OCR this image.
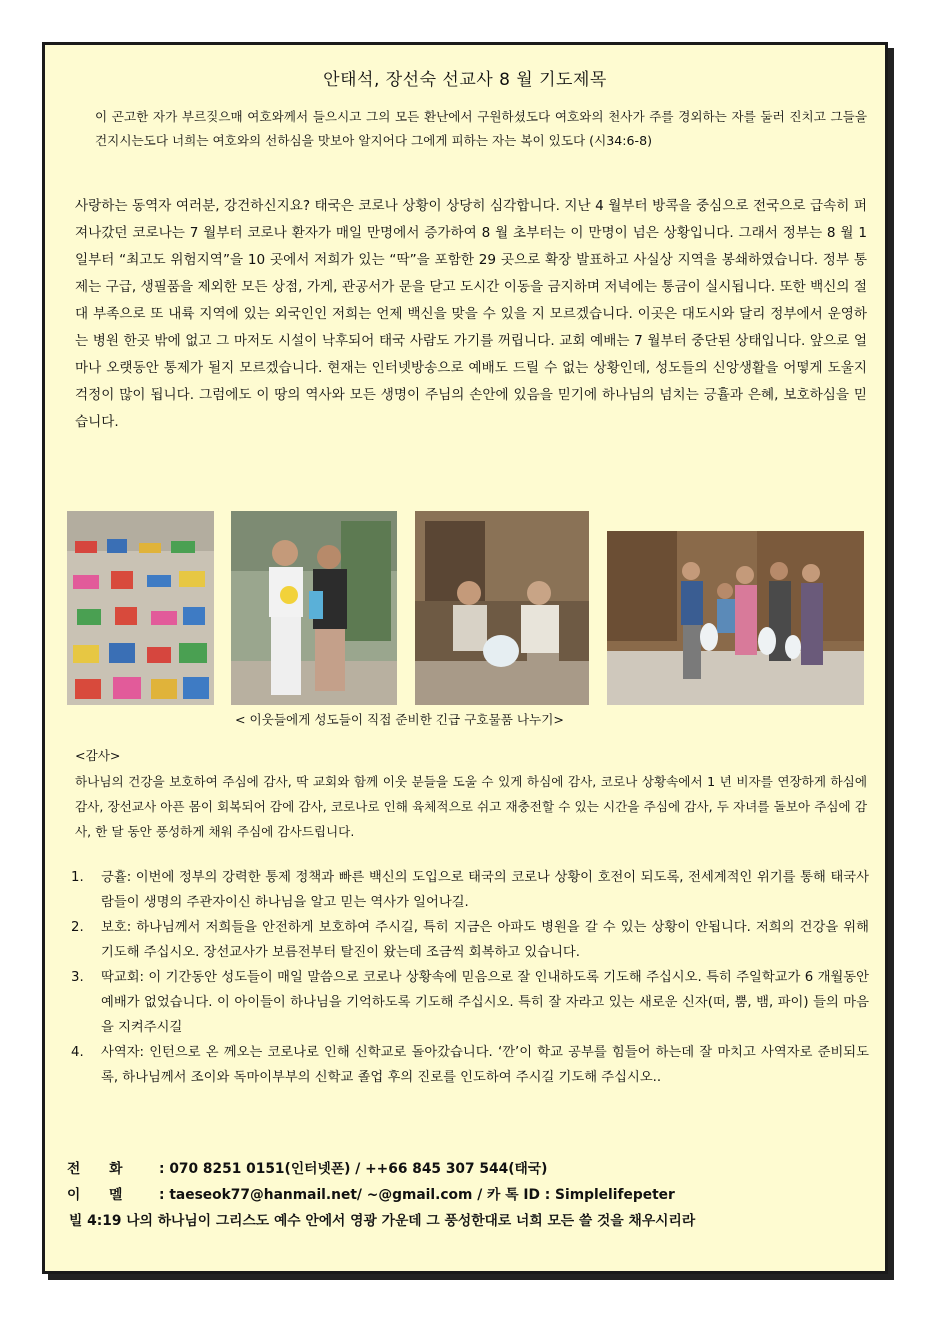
안태석, 장선숙 선교사 8 월 기도제목
이 곤고한 자가 부르짖으매 여호와께서 들으시고 그의 모든 환난에서 구원하셨도다 여호와의 천사가 주를 경외하는 자를 둘러 진치고 그들을 건지시는도다 너희는 여호와의 선하심을 맛보아 알지어다 그에게 피하는 자는 복이 있도다 (시34:6-8)
사랑하는 동역자 여러분, 강건하신지요? 태국은 코로나 상황이 상당히 심각합니다. 지난 4 월부터 방콕을 중심으로 전국으로 급속히 퍼져나갔던 코로나는 7 월부터 코로나 환자가 매일 만명에서 증가하여 8 월 초부터는 이 만명이 넘은 상황입니다. 그래서 정부는 8 월 1 일부터 “최고도 위험지역”을 10 곳에서 저희가 있는 “딱”을 포함한 29 곳으로 확장 발표하고 사실상 지역을 봉쇄하였습니다. 정부 통제는 구급, 생필품을 제외한 모든 상점, 가게, 관공서가 문을 닫고 도시간 이동을 금지하며 저녁에는 통금이 실시됩니다. 또한 백신의 절대 부족으로 또 내륙 지역에 있는 외국인인 저희는 언제 백신을 맞을 수 있을 지 모르겠습니다. 이곳은 대도시와 달리 정부에서 운영하는 병원 한곳 밖에 없고 그 마저도 시설이 낙후되어 태국 사람도 가기를 꺼립니다. 교회 예배는 7 월부터 중단된 상태입니다. 앞으로 얼마나 오랫동안 통제가 될지 모르겠습니다. 현재는 인터넷방송으로 예배도 드릴 수 없는 상황인데, 성도들의 신앙생활을 어떻게 도울지 걱정이 많이 됩니다. 그럼에도 이 땅의 역사와 모든 생명이 주님의 손안에 있음을 믿기에 하나님의 넘치는 긍휼과 은혜, 보호하심을 믿습니다.
< 이웃들에게 성도들이 직접 준비한 긴급 구호물품 나누기>
<감사>
하나님의 건강을 보호하여 주심에 감사, 딱 교회와 함께 이웃 분들을 도울 수 있게 하심에 감사, 코로나 상황속에서 1 년 비자를 연장하게 하심에 감사, 장선교사 아픈 몸이 회복되어 감에 감사, 코로나로 인해 육체적으로 쉬고 재충전할 수 있는 시간을 주심에 감사, 두 자녀를 돌보아 주심에 감사, 한 달 동안 풍성하게 채워 주심에 감사드립니다.
1. 긍휼: 이번에 정부의 강력한 통제 정책과 빠른 백신의 도입으로 태국의 코로나 상황이 호전이 되도록, 전세계적인 위기를 통해 태국사람들이 생명의 주관자이신 하나님을 알고 믿는 역사가 일어나길.
2. 보호: 하나님께서 저희들을 안전하게 보호하여 주시길, 특히 지금은 아파도 병원을 갈 수 있는 상황이 안됩니다. 저희의 건강을 위해 기도해 주십시오. 장선교사가 보름전부터 탈진이 왔는데 조금씩 회복하고 있습니다.
3. 딱교회: 이 기간동안 성도들이 매일 말씀으로 코로나 상황속에 믿음으로 잘 인내하도록 기도해 주십시오. 특히 주일학교가 6 개월동안 예배가 없었습니다. 이 아이들이 하나님을 기억하도록 기도해 주십시오. 특히 잘 자라고 있는 새로운 신자(떠, 뿜, 뱀, 파이) 들의 마음을 지켜주시길
4. 사역자: 인턴으로 온 께오는 코로나로 인해 신학교로 돌아갔습니다. ‘깐’이 학교 공부를 힘들어 하는데 잘 마치고 사역자로 준비되도록, 하나님께서 조이와 독마이부부의 신학교 졸업 후의 진로를 인도하여 주시길 기도해 주십시오..
전      화	: 070 8251 0151(인터넷폰) / ++66 845 307 544(태국)
이      멜	: taeseok77@hanmail.net/ ~@gmail.com / 카 톡 ID : Simplelifepeter
빌 4:19 나의 하나님이 그리스도 예수 안에서 영광 가운데 그 풍성한대로 너희 모든 쓸 것을 채우시리라
